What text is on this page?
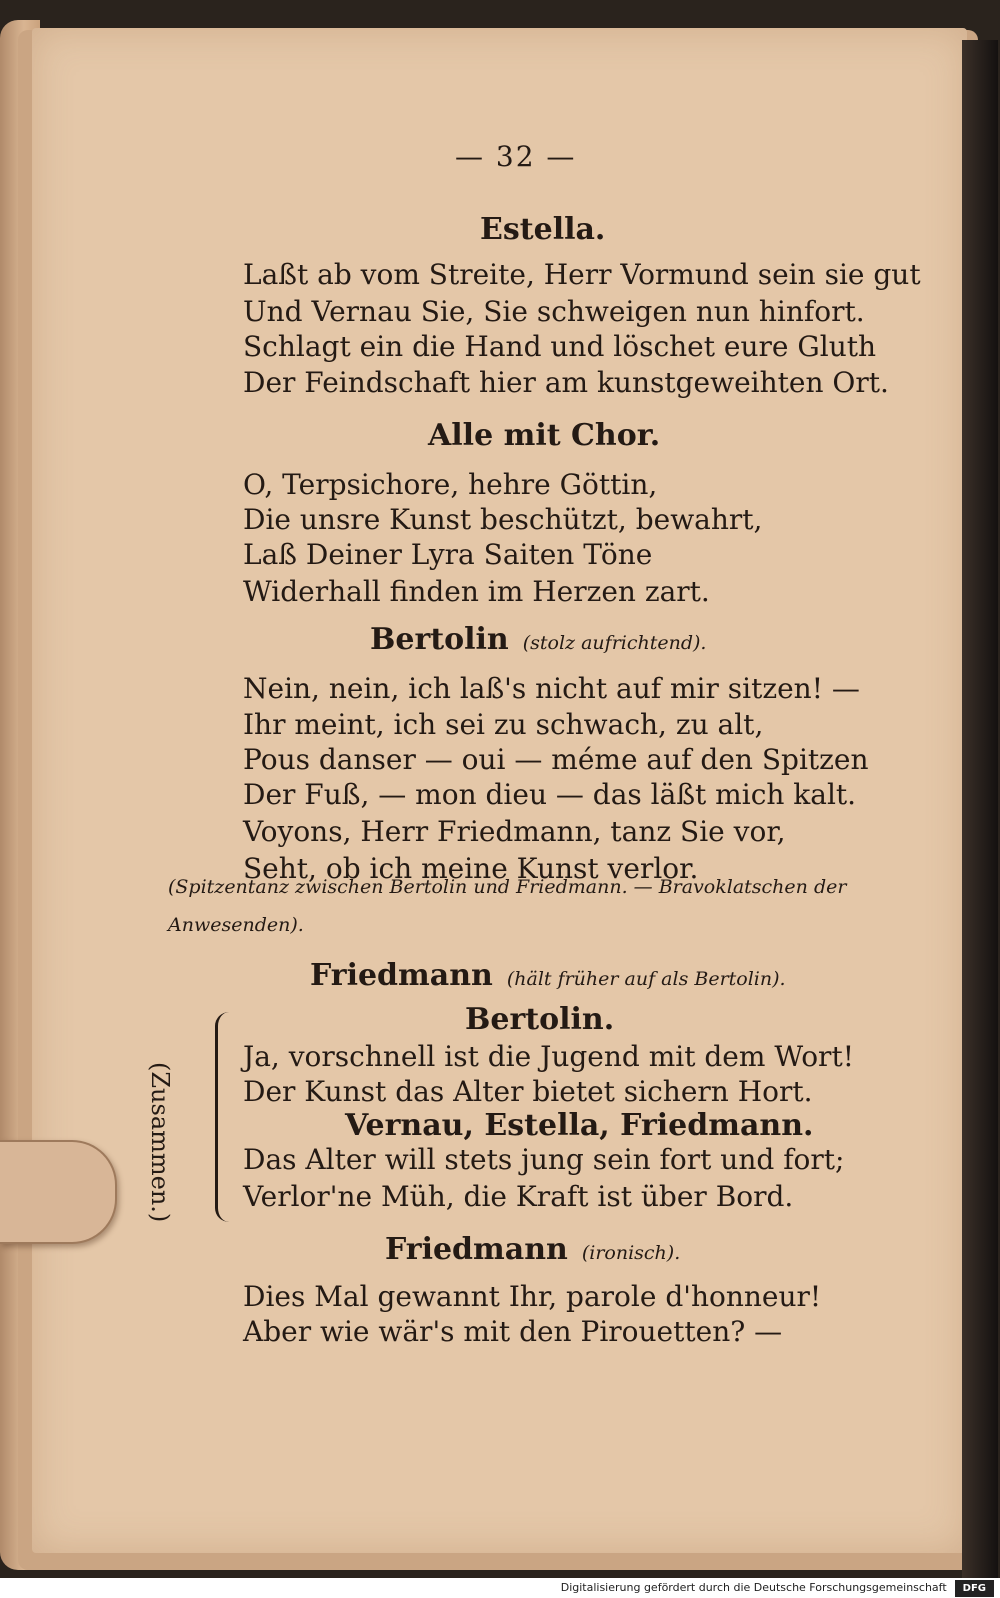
— 32 —
Estella.
Laßt ab vom Streite, Herr Vormund sein sie gut
Und Vernau Sie, Sie schweigen nun hinfort.
Schlagt ein die Hand und löschet eure Gluth
Der Feindschaft hier am kunstgeweihten Ort.
Alle mit Chor.
O, Terpsichore, hehre Göttin,
Die unsre Kunst beschützt, bewahrt,
Laß Deiner Lyra Saiten Töne
Widerhall finden im Herzen zart.
Bertolin (stolz aufrichtend).
Nein, nein, ich laß's nicht auf mir sitzen! —
Ihr meint, ich sei zu schwach, zu alt,
Pous danser — oui — méme auf den Spitzen
Der Fuß, — mon dieu — das läßt mich kalt.
Voyons, Herr Friedmann, tanz Sie vor,
Seht, ob ich meine Kunst verlor.
(Spitzentanz zwischen Bertolin und Friedmann. — Bravoklatschen der
Anwesenden).
Friedmann (hält früher auf als Bertolin).
Bertolin.
Ja, vorschnell ist die Jugend mit dem Wort!
Der Kunst das Alter bietet sichern Hort.
Vernau, Estella, Friedmann.
Das Alter will stets jung sein fort und fort;
Verlor'ne Müh, die Kraft ist über Bord.
Friedmann (ironisch).
Dies Mal gewannt Ihr, parole d'honneur!
Aber wie wär's mit den Pirouetten? —
(Zusammen.)
Digitalisierung gefördert durch die Deutsche Forschungsgemeinschaft DFG
